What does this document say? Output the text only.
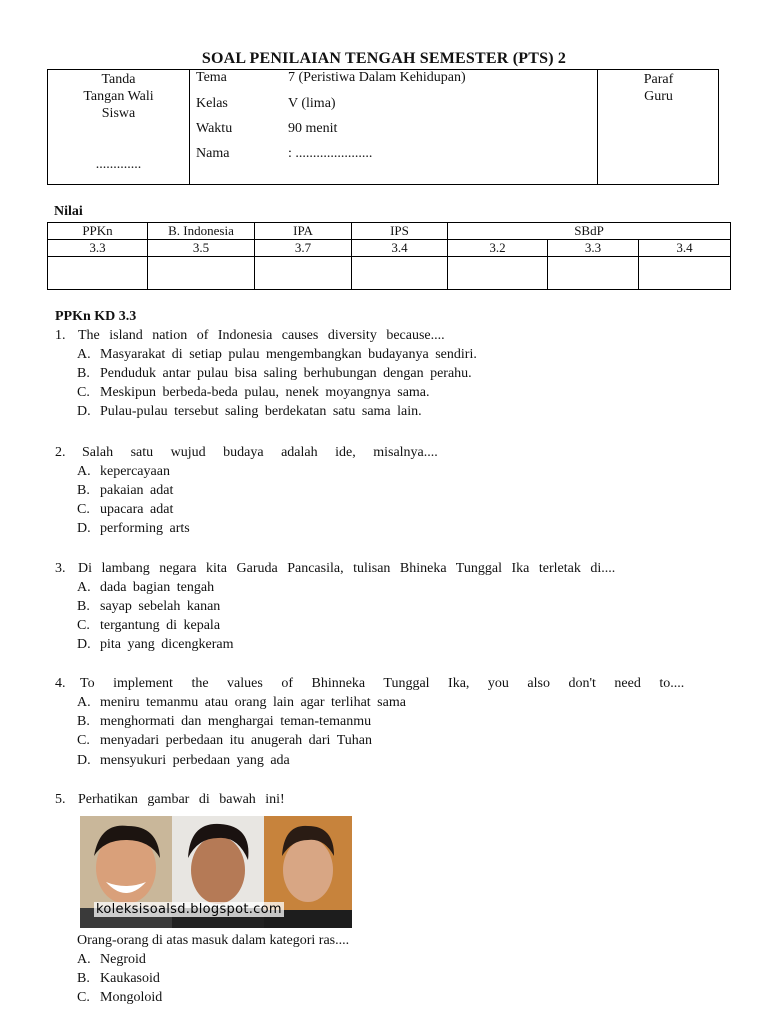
SOAL PENILAIAN TENGAH SEMESTER (PTS) 2
Tanda
Tangan Wali
Siswa
.............
Tema	7 (Peristiwa Dalam Kehidupan)
Kelas	V (lima)
Waktu	90 menit
Nama	: ......................
Paraf
Guru
Nilai
PPKn	B. Indonesia	IPA	IPS	SBdP		
3.3	3.5	3.7	3.4	3.2	3.3	3.4

PPKn KD 3.3
1. The island nation of Indonesia causes diversity because....
A. Masyarakat di setiap pulau mengembangkan budayanya sendiri.
B. Penduduk antar pulau bisa saling berhubungan dengan perahu.
C. Meskipun berbeda-beda pulau, nenek moyangnya sama.
D. Pulau-pulau tersebut saling berdekatan satu sama lain.
2. Salah satu wujud budaya adalah ide, misalnya....
A. kepercayaan
B. pakaian adat
C. upacara adat
D. performing arts
3. Di lambang negara kita Garuda Pancasila, tulisan Bhineka Tunggal Ika terletak di....
A. dada bagian tengah
B. sayap sebelah kanan
C. tergantung di kepala
D. pita yang dicengkeram
4. To implement the values of Bhinneka Tunggal Ika, you also don't need to....
A. meniru temanmu atau orang lain agar terlihat sama
B. menghormati dan menghargai teman-temanmu
C. menyadari perbedaan itu anugerah dari Tuhan
D. mensyukuri perbedaan yang ada
5. Perhatikan gambar di bawah ini!
koleksisoalsd.blogspot.com
Orang-orang di atas masuk dalam kategori ras....
A. Negroid
B. Kaukasoid
C. Mongoloid
